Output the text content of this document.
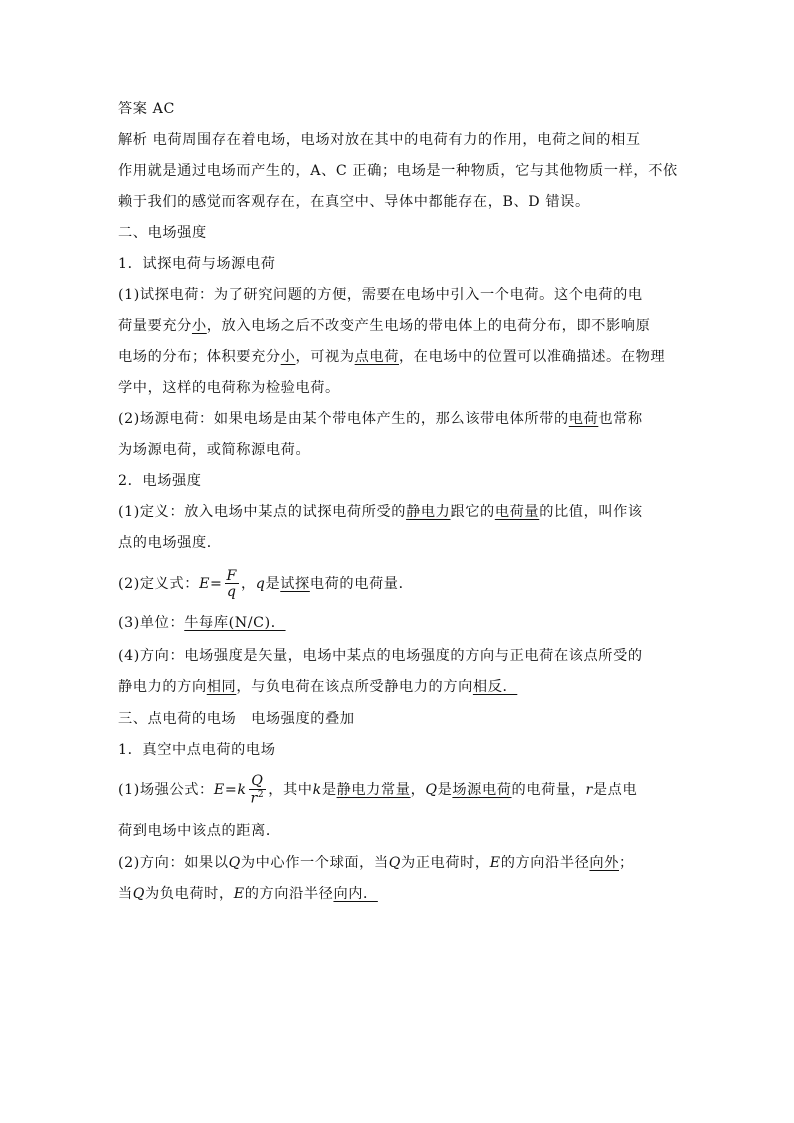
答案 AC
解析 电荷周围存在着电场，电场对放在其中的电荷有力的作用，电荷之间的相互
作用就是通过电场而产生的，A、C 正确；电场是一种物质，它与其他物质一样，不依
赖于我们的感觉而客观存在，在真空中、导体中都能存在，B、D 错误。
二、电场强度
1．试探电荷与场源电荷
(1)试探电荷：为了研究问题的方便，需要在电场中引入一个电荷。这个电荷的电
荷量要充分小，放入电场之后不改变产生电场的带电体上的电荷分布，即不影响原
电场的分布；体积要充分小，可视为点电荷，在电场中的位置可以准确描述。在物理
学中，这样的电荷称为检验电荷。
(2)场源电荷：如果电场是由某个带电体产生的，那么该带电体所带的电荷也常称
为场源电荷，或简称源电荷。
2．电场强度
(1)定义：放入电场中某点的试探电荷所受的静电力跟它的电荷量的比值，叫作该
点的电场强度．
(2)定义式：$E= \frac{F}{q}$ ，q是试探电荷的电荷量．
(3)单位：牛每库(N/C)．
(4)方向：电场强度是矢量，电场中某点的电场强度的方向与正电荷在该点所受的
静电力的方向相同，与负电荷在该点所受静电力的方向相反．
三、点电荷的电场　电场强度的叠加
1．真空中点电荷的电场
(1)场强公式：$E=k \frac{Q}{r^2}$ ，其中k是静电力常量，Q是场源电荷的电荷量，r是点电
荷到电场中该点的距离．
(2)方向：如果以Q为中心作一个球面，当Q为正电荷时，E的方向沿半径向外；
当Q为负电荷时，E的方向沿半径向内．
